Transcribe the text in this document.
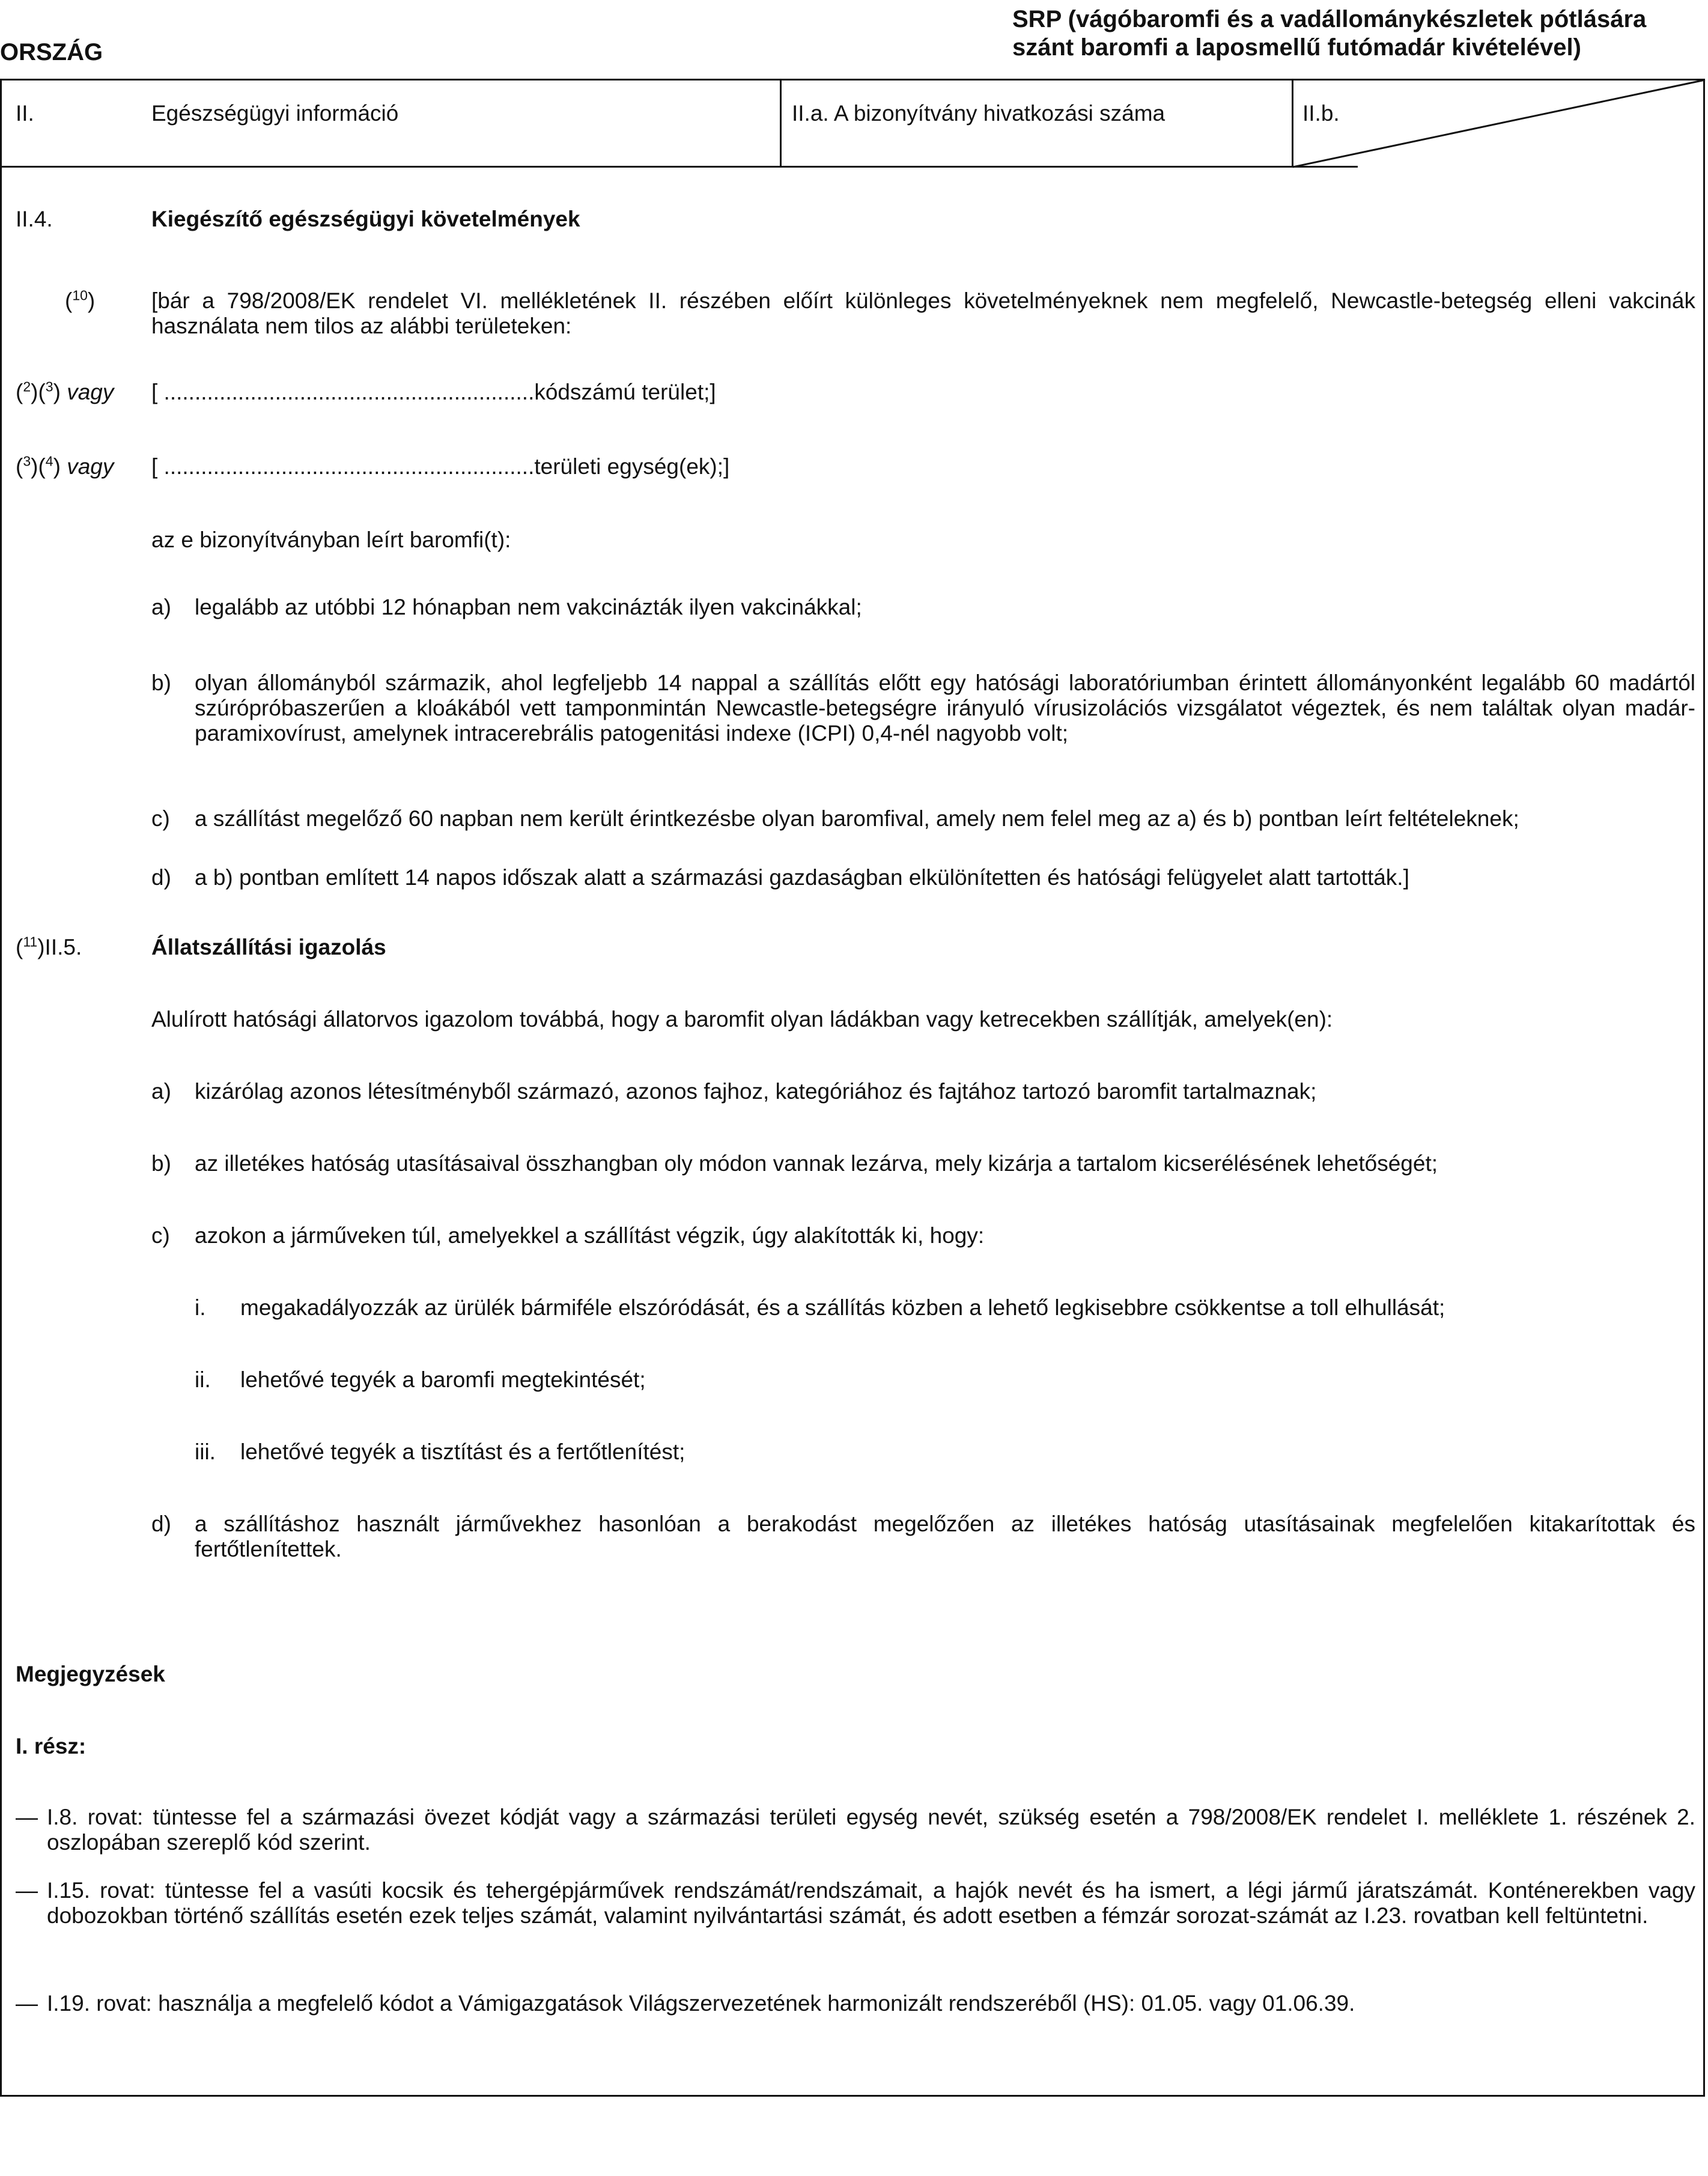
ORSZÁG
SRP (vágóbaromfi és a vadállománykészletek pótlására szánt baromfi a laposmellű futómadár kivételével)
II.	Egészségügyi információ	II.a. A bizonyítvány hivatkozási száma	II.b.
II.4.	Kiegészítő egészségügyi követelmények
($^{10}$)	[bár a 798/2008/EK rendelet VI. mellékletének II. részében előírt különleges követelményeknek nem megfelelő, Newcastle-betegség elleni vakcinák használata nem tilos az alábbi területeken:
($^2$)($^3$) vagy [ ............................................................kódszámú terület;]
($^3$)($^4$) vagy [ ............................................................területi egység(ek);]
az e bizonyítványban leírt baromfi(t):
a) legalább az utóbbi 12 hónapban nem vakcinázták ilyen vakcinákkal;
b) olyan állományból származik, ahol legfeljebb 14 nappal a szállítás előtt egy hatósági laboratóriumban érintett állományonként legalább 60 madártól szúrópróbaszerűen a kloákából vett tamponmintán Newcastle-betegségre irányuló vírusizolációs vizsgálatot végeztek, és nem találtak olyan madár-paramixovírust, amelynek intracerebrális patogenitási indexe (ICPI) 0,4-nél nagyobb volt;
c) a szállítást megelőző 60 napban nem került érintkezésbe olyan baromfival, amely nem felel meg az a) és b) pontban leírt feltételeknek;
d) a b) pontban említett 14 napos időszak alatt a származási gazdaságban elkülönítetten és hatósági felügyelet alatt tartották.]
($^{11}$)II.5.	Állatszállítási igazolás
Alulírott hatósági állatorvos igazolom továbbá, hogy a baromfit olyan ládákban vagy ketrecekben szállítják, amelyek(en):
a) kizárólag azonos létesítményből származó, azonos fajhoz, kategóriához és fajtához tartozó baromfit tartalmaznak;
b) az illetékes hatóság utasításaival összhangban oly módon vannak lezárva, mely kizárja a tartalom kicserélésének lehetőségét;
c) azokon a járműveken túl, amelyekkel a szállítást végzik, úgy alakították ki, hogy:
i. megakadályozzák az ürülék bármiféle elszóródását, és a szállítás közben a lehető legkisebbre csökkentse a toll elhullását;
ii. lehetővé tegyék a baromfi megtekintését;
iii. lehetővé tegyék a tisztítást és a fertőtlenítést;
d) a szállításhoz használt járművekhez hasonlóan a berakodást megelőzően az illetékes hatóság utasításainak megfelelően kitakarítottak és fertőtlenítettek.
Megjegyzések
I. rész:
— I.8. rovat: tüntesse fel a származási övezet kódját vagy a származási területi egység nevét, szükség esetén a 798/2008/EK rendelet I. melléklete 1. részének 2. oszlopában szereplő kód szerint.
— I.15. rovat: tüntesse fel a vasúti kocsik és tehergépjárművek rendszámát/rendszámait, a hajók nevét és ha ismert, a légi jármű járatszámát. Konténerekben vagy dobozokban történő szállítás esetén ezek teljes számát, valamint nyilvántartási számát, és adott esetben a fémzár sorozat-számát az I.23. rovatban kell feltüntetni.
— I.19. rovat: használja a megfelelő kódot a Vámigazgatások Világszervezetének harmonizált rendszeréből (HS): 01.05. vagy 01.06.39.
